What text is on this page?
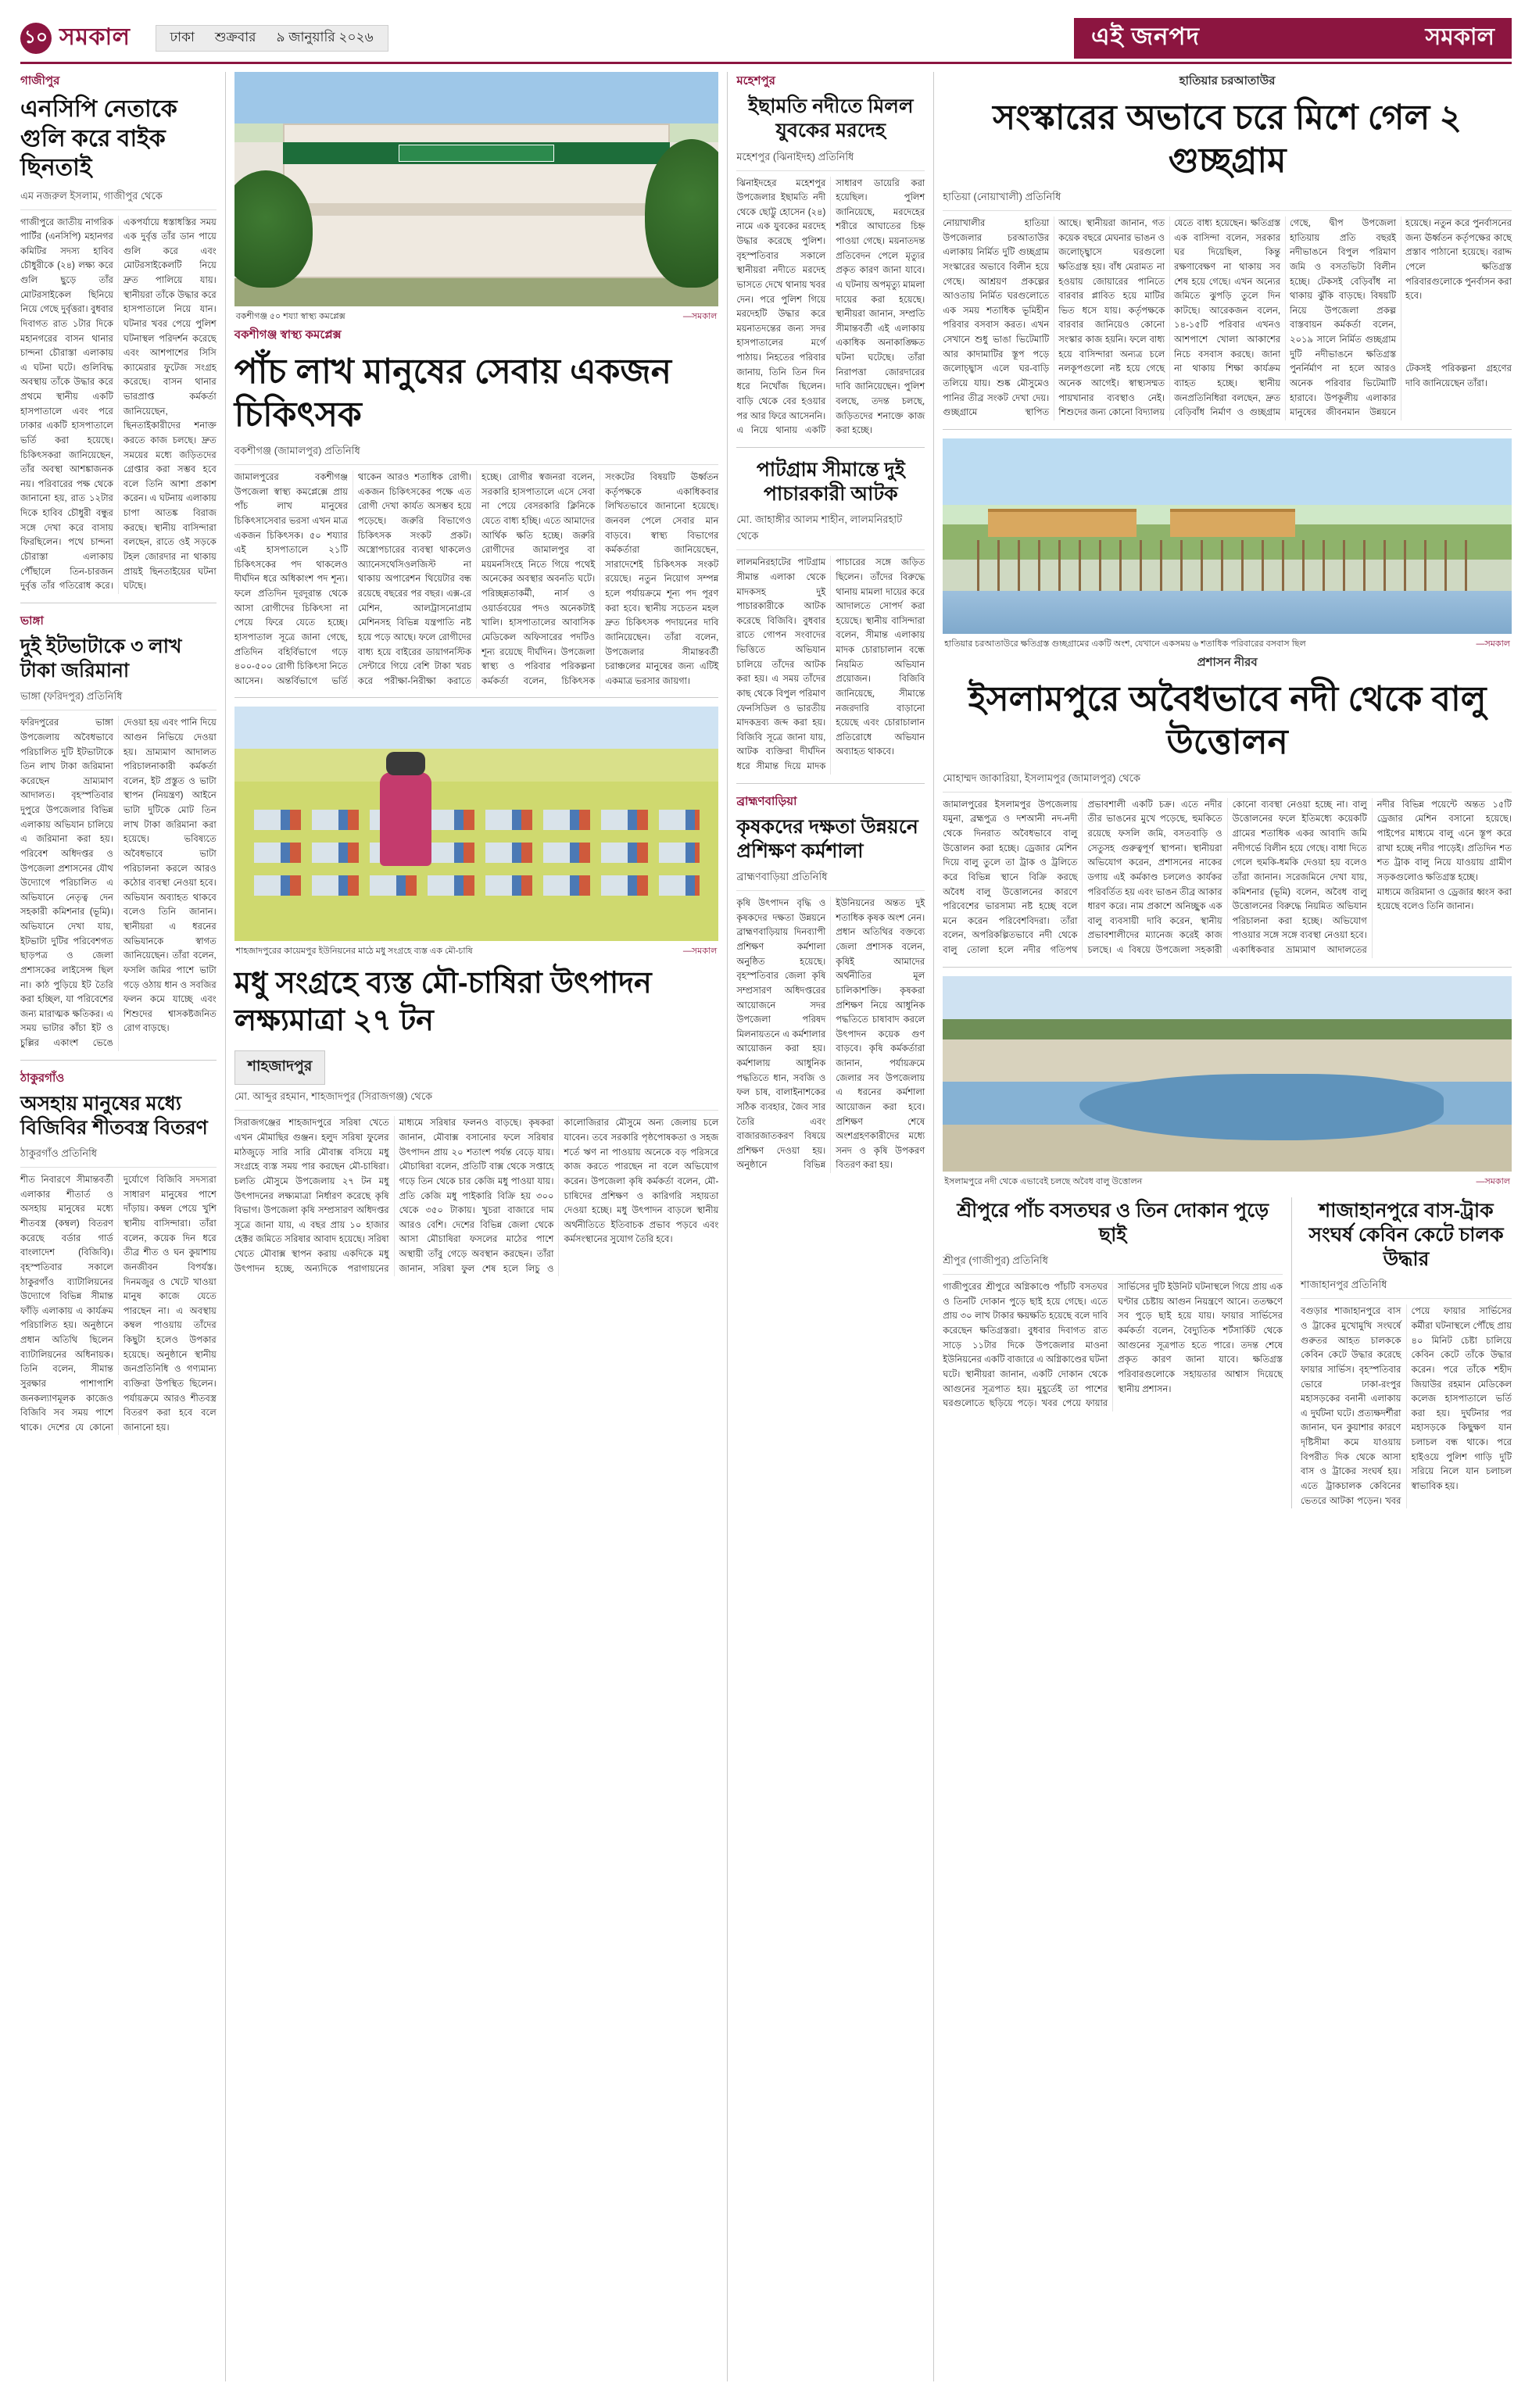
১০ সমকাল	ঢাকা শুক্রবার ৯ জানুয়ারি ২০২৬	এই জনপদ	সমকাল
গাজীপুর
এনসিপি নেতাকে গুলি করে বাইক ছিনতাই
এম নজরুল ইসলাম, গাজীপুর থেকে
গাজীপুরে জাতীয় নাগরিক পার্টির (এনসিপি) মহানগর কমিটির সদস্য হাবিব চৌধুরীকে (২৪) লক্ষ্য করে গুলি ছুড়ে তাঁর মোটরসাইকেল ছিনিয়ে নিয়ে গেছে দুর্বৃত্তরা। বুধবার দিবাগত রাত ১টার দিকে মহানগরের বাসন থানার চান্দনা চৌরাস্তা এলাকায় এ ঘটনা ঘটে। গুলিবিদ্ধ অবস্থায় তাঁকে উদ্ধার করে প্রথমে স্থানীয় একটি হাসপাতালে এবং পরে ঢাকার একটি হাসপাতালে ভর্তি করা হয়েছে। চিকিৎসকরা জানিয়েছেন, তাঁর অবস্থা আশঙ্কাজনক নয়। পরিবারের পক্ষ থেকে জানানো হয়, রাত ১২টার দিকে হাবিব চৌধুরী বন্ধুর সঙ্গে দেখা করে বাসায় ফিরছিলেন। পথে চান্দনা চৌরাস্তা এলাকায় পৌঁছালে তিন-চারজন দুর্বৃত্ত তাঁর গতিরোধ করে। একপর্যায়ে ধস্তাধস্তির সময় এক দুর্বৃত্ত তাঁর ডান পায়ে গুলি করে এবং মোটরসাইকেলটি নিয়ে দ্রুত পালিয়ে যায়। স্থানীয়রা তাঁকে উদ্ধার করে হাসপাতালে নিয়ে যান। ঘটনার খবর পেয়ে পুলিশ ঘটনাস্থল পরিদর্শন করেছে এবং আশপাশের সিসি ক্যামেরার ফুটেজ সংগ্রহ করেছে। বাসন থানার ভারপ্রাপ্ত কর্মকর্তা জানিয়েছেন, ছিনতাইকারীদের শনাক্ত করতে কাজ চলছে। দ্রুত সময়ের মধ্যে জড়িতদের গ্রেপ্তার করা সম্ভব হবে বলে তিনি আশা প্রকাশ করেন। এ ঘটনায় এলাকায় চাপা আতঙ্ক বিরাজ করছে। স্থানীয় বাসিন্দারা বলছেন, রাতে ওই সড়কে টহল জোরদার না থাকায় প্রায়ই ছিনতাইয়ের ঘটনা ঘটছে।
ভাঙ্গা
দুই ইটভাটাকে ৩ লাখ টাকা জরিমানা
ভাঙ্গা (ফরিদপুর) প্রতিনিধি
ফরিদপুরের ভাঙ্গা উপজেলায় অবৈধভাবে পরিচালিত দুটি ইটভাটাকে তিন লাখ টাকা জরিমানা করেছেন ভ্রাম্যমাণ আদালত। বৃহস্পতিবার দুপুরে উপজেলার বিভিন্ন এলাকায় অভিযান চালিয়ে এ জরিমানা করা হয়। পরিবেশ অধিদপ্তর ও উপজেলা প্রশাসনের যৌথ উদ্যোগে পরিচালিত এ অভিযানে নেতৃত্ব দেন সহকারী কমিশনার (ভূমি)। অভিযানে দেখা যায়, ইটভাটা দুটির পরিবেশগত ছাড়পত্র ও জেলা প্রশাসকের লাইসেন্স ছিল না। কাঠ পুড়িয়ে ইট তৈরি করা হচ্ছিল, যা পরিবেশের জন্য মারাত্মক ক্ষতিকর। এ সময় ভাটার কাঁচা ইট ও চুল্লির একাংশ ভেঙে দেওয়া হয় এবং পানি দিয়ে আগুন নিভিয়ে দেওয়া হয়। ভ্রাম্যমাণ আদালত পরিচালনাকারী কর্মকর্তা বলেন, ইট প্রস্তুত ও ভাটা স্থাপন (নিয়ন্ত্রণ) আইনে ভাটা দুটিকে মোট তিন লাখ টাকা জরিমানা করা হয়েছে। ভবিষ্যতে অবৈধভাবে ভাটা পরিচালনা করলে আরও কঠোর ব্যবস্থা নেওয়া হবে। অভিযান অব্যাহত থাকবে বলেও তিনি জানান। স্থানীয়রা এ ধরনের অভিযানকে স্বাগত জানিয়েছেন। তাঁরা বলেন, ফসলি জমির পাশে ভাটা গড়ে ওঠায় ধান ও সবজির ফলন কমে যাচ্ছে এবং শিশুদের শ্বাসকষ্টজনিত রোগ বাড়ছে।
ঠাকুরগাঁও
অসহায় মানুষের মধ্যে বিজিবির শীতবস্ত্র বিতরণ
ঠাকুরগাঁও প্রতিনিধি
শীত নিবারণে সীমান্তবর্তী এলাকার শীতার্ত ও অসহায় মানুষের মধ্যে শীতবস্ত্র (কম্বল) বিতরণ করেছে বর্ডার গার্ড বাংলাদেশ (বিজিবি)। বৃহস্পতিবার সকালে ঠাকুরগাঁও ব্যাটালিয়নের উদ্যোগে বিভিন্ন সীমান্ত ফাঁড়ি এলাকায় এ কার্যক্রম পরিচালিত হয়। অনুষ্ঠানে প্রধান অতিথি ছিলেন ব্যাটালিয়নের অধিনায়ক। তিনি বলেন, সীমান্ত সুরক্ষার পাশাপাশি জনকল্যাণমূলক কাজেও বিজিবি সব সময় পাশে থাকে। দেশের যে কোনো দুর্যোগে বিজিবি সদস্যরা সাধারণ মানুষের পাশে দাঁড়ায়। কম্বল পেয়ে খুশি স্থানীয় বাসিন্দারা। তাঁরা বলেন, কয়েক দিন ধরে তীব্র শীত ও ঘন কুয়াশায় জনজীবন বিপর্যস্ত। দিনমজুর ও খেটে খাওয়া মানুষ কাজে যেতে পারছেন না। এ অবস্থায় কম্বল পাওয়ায় তাঁদের কিছুটা হলেও উপকার হয়েছে। অনুষ্ঠানে স্থানীয় জনপ্রতিনিধি ও গণ্যমান্য ব্যক্তিরা উপস্থিত ছিলেন। পর্যায়ক্রমে আরও শীতবস্ত্র বিতরণ করা হবে বলে জানানো হয়।
বকশীগঞ্জ ৫০ শয্যা স্বাস্থ্য কমপ্লেক্স	—সমকাল
বকশীগঞ্জ স্বাস্থ্য কমপ্লেক্স
পাঁচ লাখ মানুষের সেবায় একজন চিকিৎসক
বকশীগঞ্জ (জামালপুর) প্রতিনিধি
জামালপুরের বকশীগঞ্জ উপজেলা স্বাস্থ্য কমপ্লেক্সে প্রায় পাঁচ লাখ মানুষের চিকিৎসাসেবার ভরসা এখন মাত্র একজন চিকিৎসক। ৫০ শয্যার এই হাসপাতালে ২১টি চিকিৎসকের পদ থাকলেও দীর্ঘদিন ধরে অধিকাংশ পদ শূন্য। ফলে প্রতিদিন দূরদূরান্ত থেকে আসা রোগীদের চিকিৎসা না পেয়ে ফিরে যেতে হচ্ছে। হাসপাতাল সূত্রে জানা গেছে, প্রতিদিন বহির্বিভাগে গড়ে ৪০০-৫০০ রোগী চিকিৎসা নিতে আসেন। অন্তর্বিভাগে ভর্তি থাকেন আরও শতাধিক রোগী। একজন চিকিৎসকের পক্ষে এত রোগী দেখা কার্যত অসম্ভব হয়ে পড়েছে। জরুরি বিভাগেও চিকিৎসক সংকট প্রকট। অস্ত্রোপচারের ব্যবস্থা থাকলেও অ্যানেসথেসিওলজিস্ট না থাকায় অপারেশন থিয়েটার বন্ধ রয়েছে বছরের পর বছর। এক্স-রে মেশিন, আলট্রাসনোগ্রাম মেশিনসহ বিভিন্ন যন্ত্রপাতি নষ্ট হয়ে পড়ে আছে। ফলে রোগীদের বাধ্য হয়ে বাইরের ডায়াগনস্টিক সেন্টারে গিয়ে বেশি টাকা খরচ করে পরীক্ষা-নিরীক্ষা করাতে হচ্ছে। রোগীর স্বজনরা বলেন, সরকারি হাসপাতালে এসে সেবা না পেয়ে বেসরকারি ক্লিনিকে যেতে বাধ্য হচ্ছি। এতে আমাদের আর্থিক ক্ষতি হচ্ছে। জরুরি রোগীদের জামালপুর বা ময়মনসিংহে নিতে গিয়ে পথেই অনেকের অবস্থার অবনতি ঘটে। পরিচ্ছন্নতাকর্মী, নার্স ও ওয়ার্ডবয়ের পদও অনেকটাই খালি। হাসপাতালের আবাসিক মেডিকেল অফিসারের পদটিও শূন্য রয়েছে দীর্ঘদিন। উপজেলা স্বাস্থ্য ও পরিবার পরিকল্পনা কর্মকর্তা বলেন, চিকিৎসক সংকটের বিষয়টি ঊর্ধ্বতন কর্তৃপক্ষকে একাধিকবার লিখিতভাবে জানানো হয়েছে। জনবল পেলে সেবার মান বাড়বে। স্বাস্থ্য বিভাগের কর্মকর্তারা জানিয়েছেন, সারাদেশেই চিকিৎসক সংকট রয়েছে। নতুন নিয়োগ সম্পন্ন হলে পর্যায়ক্রমে শূন্য পদ পূরণ করা হবে। স্থানীয় সচেতন মহল দ্রুত চিকিৎসক পদায়নের দাবি জানিয়েছেন। তাঁরা বলেন, উপজেলার সীমান্তবর্তী চরাঞ্চলের মানুষের জন্য এটিই একমাত্র ভরসার জায়গা।
শাহজাদপুরের কায়েমপুর ইউনিয়নের মাঠে মধু সংগ্রহে ব্যস্ত এক মৌ-চাষি	—সমকাল
মধু সংগ্রহে ব্যস্ত মৌ-চাষিরা উৎপাদন লক্ষ্যমাত্রা ২৭ টন
শাহজাদপুর
মো. আব্দুর রহমান, শাহজাদপুর (সিরাজগঞ্জ) থেকে
সিরাজগঞ্জের শাহজাদপুরে সরিষা খেতে এখন মৌমাছির গুঞ্জন। হলুদ সরিষা ফুলের মাঠজুড়ে সারি সারি মৌবাক্স বসিয়ে মধু সংগ্রহে ব্যস্ত সময় পার করছেন মৌ-চাষিরা। চলতি মৌসুমে উপজেলায় ২৭ টন মধু উৎপাদনের লক্ষ্যমাত্রা নির্ধারণ করেছে কৃষি বিভাগ। উপজেলা কৃষি সম্প্রসারণ অধিদপ্তর সূত্রে জানা যায়, এ বছর প্রায় ১০ হাজার হেক্টর জমিতে সরিষার আবাদ হয়েছে। সরিষা খেতে মৌবাক্স স্থাপন করায় একদিকে মধু উৎপাদন হচ্ছে, অন্যদিকে পরাগায়নের মাধ্যমে সরিষার ফলনও বাড়ছে। কৃষকরা জানান, মৌবাক্স বসানোর ফলে সরিষার উৎপাদন প্রায় ২০ শতাংশ পর্যন্ত বেড়ে যায়। মৌচাষিরা বলেন, প্রতিটি বাক্স থেকে সপ্তাহে গড়ে তিন থেকে চার কেজি মধু পাওয়া যায়। প্রতি কেজি মধু পাইকারি বিক্রি হয় ৩০০ থেকে ৩৫০ টাকায়। খুচরা বাজারে দাম আরও বেশি। দেশের বিভিন্ন জেলা থেকে আসা মৌচাষিরা ফসলের মাঠের পাশে অস্থায়ী তাঁবু গেড়ে অবস্থান করছেন। তাঁরা জানান, সরিষা ফুল শেষ হলে লিচু ও কালোজিরার মৌসুমে অন্য জেলায় চলে যাবেন। তবে সরকারি পৃষ্ঠপোষকতা ও সহজ শর্তে ঋণ না পাওয়ায় অনেকে বড় পরিসরে কাজ করতে পারছেন না বলে অভিযোগ করেন। উপজেলা কৃষি কর্মকর্তা বলেন, মৌ-চাষিদের প্রশিক্ষণ ও কারিগরি সহায়তা দেওয়া হচ্ছে। মধু উৎপাদন বাড়লে স্থানীয় অর্থনীতিতে ইতিবাচক প্রভাব পড়বে এবং কর্মসংস্থানের সুযোগ তৈরি হবে।
মহেশপুর
ইছামতি নদীতে মিলল যুবকের মরদেহ
মহেশপুর (ঝিনাইদহ) প্রতিনিধি
ঝিনাইদহের মহেশপুর উপজেলার ইছামতি নদী থেকে ছোট্টু হোসেন (২৪) নামে এক যুবকের মরদেহ উদ্ধার করেছে পুলিশ। বৃহস্পতিবার সকালে স্থানীয়রা নদীতে মরদেহ ভাসতে দেখে থানায় খবর দেন। পরে পুলিশ গিয়ে মরদেহটি উদ্ধার করে ময়নাতদন্তের জন্য সদর হাসপাতালের মর্গে পাঠায়। নিহতের পরিবার জানায়, তিনি তিন দিন ধরে নিখোঁজ ছিলেন। বাড়ি থেকে বের হওয়ার পর আর ফিরে আসেননি। এ নিয়ে থানায় একটি সাধারণ ডায়েরি করা হয়েছিল। পুলিশ জানিয়েছে, মরদেহের শরীরে আঘাতের চিহ্ন পাওয়া গেছে। ময়নাতদন্ত প্রতিবেদন পেলে মৃত্যুর প্রকৃত কারণ জানা যাবে। এ ঘটনায় অপমৃত্যু মামলা দায়ের করা হয়েছে। স্থানীয়রা জানান, সম্প্রতি সীমান্তবর্তী এই এলাকায় একাধিক অনাকাঙ্ক্ষিত ঘটনা ঘটেছে। তাঁরা নিরাপত্তা জোরদারের দাবি জানিয়েছেন। পুলিশ বলছে, তদন্ত চলছে, জড়িতদের শনাক্তে কাজ করা হচ্ছে।
পাটগ্রাম সীমান্তে দুই পাচারকারী আটক
মো. জাহাঙ্গীর আলম শাহীন, লালমনিরহাট থেকে
লালমনিরহাটের পাটগ্রাম সীমান্ত এলাকা থেকে মাদকসহ দুই পাচারকারীকে আটক করেছে বিজিবি। বুধবার রাতে গোপন সংবাদের ভিত্তিতে অভিযান চালিয়ে তাঁদের আটক করা হয়। এ সময় তাঁদের কাছ থেকে বিপুল পরিমাণ ফেনসিডিল ও ভারতীয় মাদকদ্রব্য জব্দ করা হয়। বিজিবি সূত্রে জানা যায়, আটক ব্যক্তিরা দীর্ঘদিন ধরে সীমান্ত দিয়ে মাদক পাচারের সঙ্গে জড়িত ছিলেন। তাঁদের বিরুদ্ধে থানায় মামলা দায়ের করে আদালতে সোপর্দ করা হয়েছে। স্থানীয় বাসিন্দারা বলেন, সীমান্ত এলাকায় মাদক চোরাচালান বন্ধে নিয়মিত অভিযান প্রয়োজন। বিজিবি জানিয়েছে, সীমান্তে নজরদারি বাড়ানো হয়েছে এবং চোরাচালান প্রতিরোধে অভিযান অব্যাহত থাকবে।
ব্রাহ্মণবাড়িয়া
কৃষকদের দক্ষতা উন্নয়নে প্রশিক্ষণ কর্মশালা
ব্রাহ্মণবাড়িয়া প্রতিনিধি
কৃষি উৎপাদন বৃদ্ধি ও কৃষকদের দক্ষতা উন্নয়নে ব্রাহ্মণবাড়িয়ায় দিনব্যাপী প্রশিক্ষণ কর্মশালা অনুষ্ঠিত হয়েছে। বৃহস্পতিবার জেলা কৃষি সম্প্রসারণ অধিদপ্তরের আয়োজনে সদর উপজেলা পরিষদ মিলনায়তনে এ কর্মশালার আয়োজন করা হয়। কর্মশালায় আধুনিক পদ্ধতিতে ধান, সবজি ও ফল চাষ, বালাইনাশকের সঠিক ব্যবহার, জৈব সার তৈরি এবং বাজারজাতকরণ বিষয়ে প্রশিক্ষণ দেওয়া হয়। অনুষ্ঠানে বিভিন্ন ইউনিয়নের অন্তত দুই শতাধিক কৃষক অংশ নেন। প্রধান অতিথির বক্তব্যে জেলা প্রশাসক বলেন, কৃষিই আমাদের অর্থনীতির মূল চালিকাশক্তি। কৃষকরা প্রশিক্ষণ নিয়ে আধুনিক পদ্ধতিতে চাষাবাদ করলে উৎপাদন কয়েক গুণ বাড়বে। কৃষি কর্মকর্তারা জানান, পর্যায়ক্রমে জেলার সব উপজেলায় এ ধরনের কর্মশালা আয়োজন করা হবে। প্রশিক্ষণ শেষে অংশগ্রহণকারীদের মধ্যে সনদ ও কৃষি উপকরণ বিতরণ করা হয়।
হাতিয়ার চরআতাউর
সংস্কারের অভাবে চরে মিশে গেল ২ গুচ্ছগ্রাম
হাতিয়া (নোয়াখালী) প্রতিনিধি
নোয়াখালীর হাতিয়া উপজেলার চরআতাউর এলাকায় নির্মিত দুটি গুচ্ছগ্রাম সংস্কারের অভাবে বিলীন হয়ে গেছে। আশ্রয়ণ প্রকল্পের আওতায় নির্মিত ঘরগুলোতে এক সময় শতাধিক ভূমিহীন পরিবার বসবাস করত। এখন সেখানে শুধু ভাঙা ভিটেমাটি আর কাদামাটির স্তূপ পড়ে আছে। স্থানীয়রা জানান, গত কয়েক বছরে মেঘনার ভাঙন ও জলোচ্ছ্বাসে ঘরগুলো ক্ষতিগ্রস্ত হয়। বাঁধ মেরামত না হওয়ায় জোয়ারের পানিতে বারবার প্লাবিত হয়ে মাটির ভিত ধসে যায়। কর্তৃপক্ষকে বারবার জানিয়েও কোনো সংস্কার কাজ হয়নি। ফলে বাধ্য হয়ে বাসিন্দারা অন্যত্র চলে যেতে বাধ্য হয়েছেন। ক্ষতিগ্রস্ত এক বাসিন্দা বলেন, সরকার ঘর দিয়েছিল, কিন্তু রক্ষণাবেক্ষণ না থাকায় সব শেষ হয়ে গেছে। এখন অন্যের জমিতে ঝুপড়ি তুলে দিন কাটছে। আরেকজন বলেন, ১৪-১৫টি পরিবার এখনও আশপাশে খোলা আকাশের নিচে বসবাস করছে। জানা গেছে, দ্বীপ উপজেলা হাতিয়ায় প্রতি বছরই নদীভাঙনে বিপুল পরিমাণ জমি ও বসতভিটা বিলীন হচ্ছে। টেকসই বেড়িবাঁধ না থাকায় ঝুঁকি বাড়ছে। বিষয়টি নিয়ে উপজেলা প্রকল্প বাস্তবায়ন কর্মকর্তা বলেন, ২০১৯ সালে নির্মিত গুচ্ছগ্রাম দুটি নদীভাঙনে ক্ষতিগ্রস্ত হয়েছে। নতুন করে পুনর্বাসনের জন্য ঊর্ধ্বতন কর্তৃপক্ষের কাছে প্রস্তাব পাঠানো হয়েছে। বরাদ্দ পেলে ক্ষতিগ্রস্ত পরিবারগুলোকে পুনর্বাসন করা হবে।
জলোচ্ছ্বাস এলে ঘর-বাড়ি তলিয়ে যায়। শুষ্ক মৌসুমেও পানির তীব্র সংকট দেখা দেয়। গুচ্ছগ্রামে স্থাপিত নলকূপগুলো নষ্ট হয়ে গেছে অনেক আগেই। স্বাস্থ্যসম্মত পায়খানার ব্যবস্থাও নেই। শিশুদের জন্য কোনো বিদ্যালয় না থাকায় শিক্ষা কার্যক্রম ব্যাহত হচ্ছে। স্থানীয় জনপ্রতিনিধিরা বলছেন, দ্রুত বেড়িবাঁধ নির্মাণ ও গুচ্ছগ্রাম পুনর্নির্মাণ না হলে আরও অনেক পরিবার ভিটেমাটি হারাবে। উপকূলীয় এলাকার মানুষের জীবনমান উন্নয়নে টেকসই পরিকল্পনা গ্রহণের দাবি জানিয়েছেন তাঁরা।
হাতিয়ার চরআতাউরে ক্ষতিগ্রস্ত গুচ্ছগ্রামের একটি অংশ, যেখানে একসময় ৬ শতাধিক পরিবারের বসবাস ছিল	—সমকাল
প্রশাসন নীরব
ইসলামপুরে অবৈধভাবে নদী থেকে বালু উত্তোলন
মোহাম্মদ জাকারিয়া, ইসলামপুর (জামালপুর) থেকে
জামালপুরের ইসলামপুর উপজেলায় যমুনা, ব্রহ্মপুত্র ও দশআনী নদ-নদী থেকে দিনরাত অবৈধভাবে বালু উত্তোলন করা হচ্ছে। ড্রেজার মেশিন দিয়ে বালু তুলে তা ট্রাক ও ট্রলিতে করে বিভিন্ন স্থানে বিক্রি করছে প্রভাবশালী একটি চক্র। এতে নদীর তীর ভাঙনের মুখে পড়েছে, হুমকিতে রয়েছে ফসলি জমি, বসতবাড়ি ও সেতুসহ গুরুত্বপূর্ণ স্থাপনা। স্থানীয়রা অভিযোগ করেন, প্রশাসনের নাকের ডগায় এই কর্মকাণ্ড চললেও কার্যকর কোনো ব্যবস্থা নেওয়া হচ্ছে না। বালু উত্তোলনের ফলে ইতিমধ্যে কয়েকটি গ্রামের শতাধিক একর আবাদি জমি নদীগর্ভে বিলীন হয়ে গেছে। বাধা দিতে গেলে হুমকি-ধমকি দেওয়া হয় বলেও তাঁরা জানান। সরেজমিনে দেখা যায়, নদীর বিভিন্ন পয়েন্টে অন্তত ১৫টি ড্রেজার মেশিন বসানো হয়েছে। পাইপের মাধ্যমে বালু এনে স্তূপ করে রাখা হচ্ছে নদীর পাড়েই। প্রতিদিন শত শত ট্রাক বালু নিয়ে যাওয়ায় গ্রামীণ সড়কগুলোও ক্ষতিগ্রস্ত হচ্ছে।
অবৈধ বালু উত্তোলনের কারণে পরিবেশের ভারসাম্য নষ্ট হচ্ছে বলে মনে করেন পরিবেশবিদরা। তাঁরা বলেন, অপরিকল্পিতভাবে নদী থেকে বালু তোলা হলে নদীর গতিপথ পরিবর্তিত হয় এবং ভাঙন তীব্র আকার ধারণ করে। নাম প্রকাশে অনিচ্ছুক এক বালু ব্যবসায়ী দাবি করেন, স্থানীয় প্রভাবশালীদের ম্যানেজ করেই কাজ চলছে। এ বিষয়ে উপজেলা সহকারী কমিশনার (ভূমি) বলেন, অবৈধ বালু উত্তোলনের বিরুদ্ধে নিয়মিত অভিযান পরিচালনা করা হচ্ছে। অভিযোগ পাওয়ার সঙ্গে সঙ্গে ব্যবস্থা নেওয়া হবে। একাধিকবার ভ্রাম্যমাণ আদালতের মাধ্যমে জরিমানা ও ড্রেজার ধ্বংস করা হয়েছে বলেও তিনি জানান।
ইসলামপুরে নদী থেকে এভাবেই চলছে অবৈধ বালু উত্তোলন	—সমকাল
শ্রীপুরে পাঁচ বসতঘর ও তিন দোকান পুড়ে ছাই
শ্রীপুর (গাজীপুর) প্রতিনিধি
গাজীপুরের শ্রীপুরে অগ্নিকাণ্ডে পাঁচটি বসতঘর ও তিনটি দোকান পুড়ে ছাই হয়ে গেছে। এতে প্রায় ৩০ লাখ টাকার ক্ষয়ক্ষতি হয়েছে বলে দাবি করেছেন ক্ষতিগ্রস্তরা। বুধবার দিবাগত রাত সাড়ে ১১টার দিকে উপজেলার মাওনা ইউনিয়নের একটি বাজারে এ অগ্নিকাণ্ডের ঘটনা ঘটে। স্থানীয়রা জানান, একটি দোকান থেকে আগুনের সূত্রপাত হয়। মুহূর্তেই তা পাশের ঘরগুলোতে ছড়িয়ে পড়ে। খবর পেয়ে ফায়ার সার্ভিসের দুটি ইউনিট ঘটনাস্থলে গিয়ে প্রায় এক ঘণ্টার চেষ্টায় আগুন নিয়ন্ত্রণে আনে। ততক্ষণে সব পুড়ে ছাই হয়ে যায়। ফায়ার সার্ভিসের কর্মকর্তা বলেন, বৈদ্যুতিক শর্টসার্কিট থেকে আগুনের সূত্রপাত হতে পারে। তদন্ত শেষে প্রকৃত কারণ জানা যাবে। ক্ষতিগ্রস্ত পরিবারগুলোকে সহায়তার আশ্বাস দিয়েছে স্থানীয় প্রশাসন।
শাজাহানপুরে বাস-ট্রাক সংঘর্ষ কেবিন কেটে চালক উদ্ধার
শাজাহানপুর প্রতিনিধি
বগুড়ার শাজাহানপুরে বাস ও ট্রাকের মুখোমুখি সংঘর্ষে গুরুতর আহত চালককে কেবিন কেটে উদ্ধার করেছে ফায়ার সার্ভিস। বৃহস্পতিবার ভোরে ঢাকা-রংপুর মহাসড়কের বনানী এলাকায় এ দুর্ঘটনা ঘটে। প্রত্যক্ষদর্শীরা জানান, ঘন কুয়াশার কারণে দৃষ্টিসীমা কমে যাওয়ায় বিপরীত দিক থেকে আসা বাস ও ট্রাকের সংঘর্ষ হয়। এতে ট্রাকচালক কেবিনের ভেতরে আটকা পড়েন। খবর পেয়ে ফায়ার সার্ভিসের কর্মীরা ঘটনাস্থলে পৌঁছে প্রায় ৪০ মিনিট চেষ্টা চালিয়ে কেবিন কেটে তাঁকে উদ্ধার করেন। পরে তাঁকে শহীদ জিয়াউর রহমান মেডিকেল কলেজ হাসপাতালে ভর্তি করা হয়। দুর্ঘটনার পর মহাসড়কে কিছুক্ষণ যান চলাচল বন্ধ থাকে। পরে হাইওয়ে পুলিশ গাড়ি দুটি সরিয়ে নিলে যান চলাচল স্বাভাবিক হয়।
